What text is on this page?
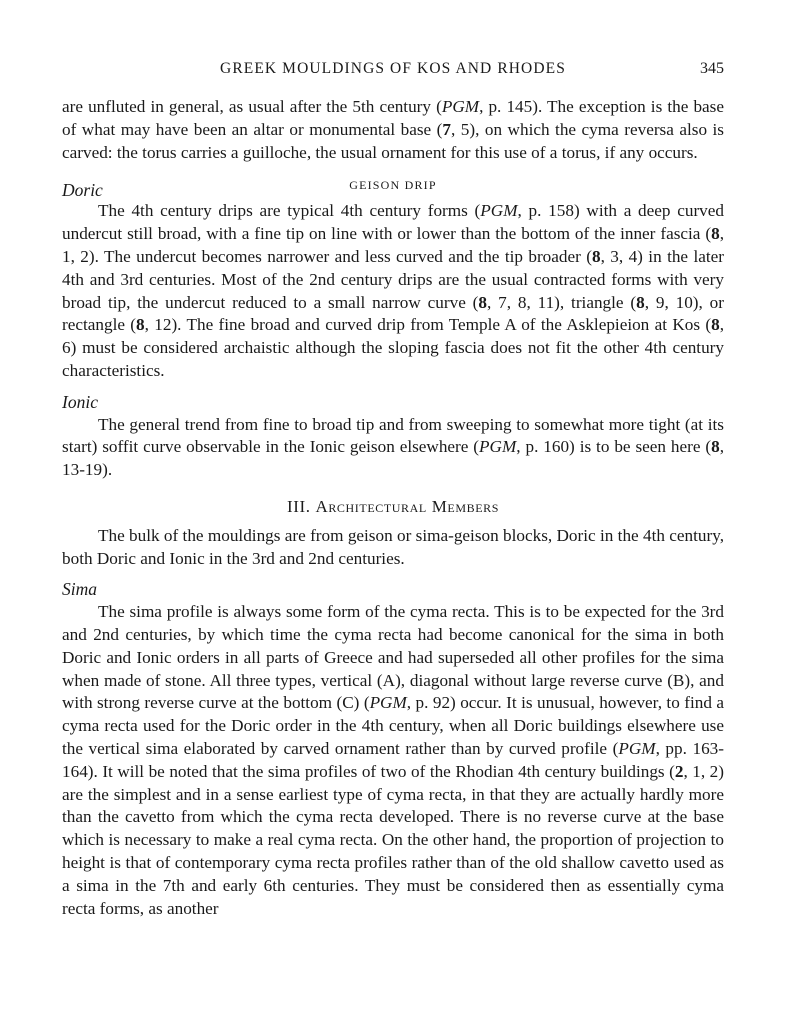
GREEK MOULDINGS OF KOS AND RHODES	345

are unfluted in general, as usual after the 5th century (PGM, p. 145). The exception is the base of what may have been an altar or monumental base (7, 5), on which the cyma reversa also is carved: the torus carries a guilloche, the usual ornament for this use of a torus, if any occurs.

GEISON DRIP
Doric

The 4th century drips are typical 4th century forms (PGM, p. 158) with a deep curved undercut still broad, with a fine tip on line with or lower than the bottom of the inner fascia (8, 1, 2). The undercut becomes narrower and less curved and the tip broader (8, 3, 4) in the later 4th and 3rd centuries. Most of the 2nd century drips are the usual contracted forms with very broad tip, the undercut reduced to a small narrow curve (8, 7, 8, 11), triangle (8, 9, 10), or rectangle (8, 12). The fine broad and curved drip from Temple A of the Asklepieion at Kos (8, 6) must be considered archaistic although the sloping fascia does not fit the other 4th century characteristics.

Ionic

The general trend from fine to broad tip and from sweeping to somewhat more tight (at its start) soffit curve observable in the Ionic geison elsewhere (PGM, p. 160) is to be seen here (8, 13-19).

III. Architectural Members

The bulk of the mouldings are from geison or sima-geison blocks, Doric in the 4th century, both Doric and Ionic in the 3rd and 2nd centuries.

Sima

The sima profile is always some form of the cyma recta. This is to be expected for the 3rd and 2nd centuries, by which time the cyma recta had become canonical for the sima in both Doric and Ionic orders in all parts of Greece and had superseded all other profiles for the sima when made of stone. All three types, vertical (A), diagonal without large reverse curve (B), and with strong reverse curve at the bottom (C) (PGM, p. 92) occur. It is unusual, however, to find a cyma recta used for the Doric order in the 4th century, when all Doric buildings elsewhere use the vertical sima elaborated by carved ornament rather than by curved profile (PGM, pp. 163-164). It will be noted that the sima profiles of two of the Rhodian 4th century buildings (2, 1, 2) are the simplest and in a sense earliest type of cyma recta, in that they are actually hardly more than the cavetto from which the cyma recta developed. There is no reverse curve at the base which is necessary to make a real cyma recta. On the other hand, the proportion of projection to height is that of contemporary cyma recta profiles rather than of the old shallow cavetto used as a sima in the 7th and early 6th centuries. They must be considered then as essentially cyma recta forms, as another
